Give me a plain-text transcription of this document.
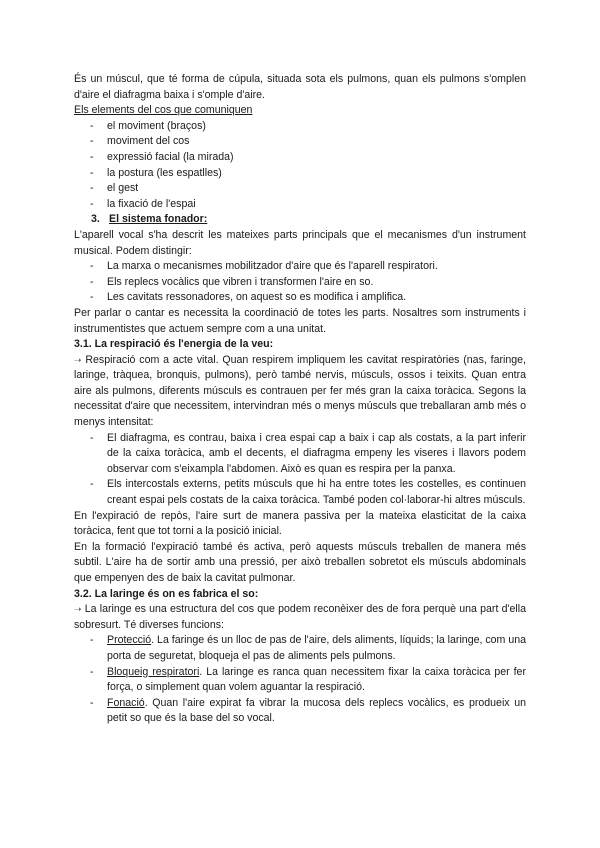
És un múscul, que té forma de cúpula, situada sota els pulmons, quan els pulmons s'omplen d'aire el diafragma baixa i s'omple d'aire.

Els elements del cos que comuniquen

- el moviment (braços)
- moviment del cos
- expressió facial (la mirada)
- la postura (les espatlles)
- el gest
- la fixació de l'espai

3. El sistema fonador:

L'aparell vocal s'ha descrit les mateixes parts principals que el mecanismes d'un instrument musical. Podem distingir:

- La marxa o mecanismes mobilitzador d'aire que és l'aparell respiratori.
- Els replecs vocàlics que vibren i transformen l'aire en so.
- Les cavitats ressonadores, on aquest so es modifica i amplifica.

Per parlar o cantar es necessita la coordinació de totes les parts. Nosaltres som instruments i instrumentistes que actuem sempre com a una unitat.

3.1. La respiració és l'energia de la veu:

➝ Respiració com a acte vital. Quan respirem impliquem les cavitat respiratòries (nas, faringe, laringe, tràquea, bronquis, pulmons), però també nervis, músculs, ossos i teixits. Quan entra aire als pulmons, diferents músculs es contrauen per fer més gran la caixa toràcica. Segons la necessitat d'aire que necessitem, intervindran més o menys músculs que treballaran amb més o menys intensitat:

- El diafragma, es contrau, baixa i crea espai cap a baix i cap als costats, a la part inferir de la caixa toràcica, amb el decents, el diafragma empeny les viseres i llavors podem observar com s'eixampla l'abdomen. Això es quan es respira per la panxa.
- Els intercostals externs, petits músculs que hi ha entre totes les costelles, es continuen creant espai pels costats de la caixa toràcica. També poden col·laborar-hi altres músculs.

En l'expiració de repòs, l'aire surt de manera passiva per la mateixa elasticitat de la caixa toràcica, fent que tot torni a la posició inicial.

En la formació l'expiració també és activa, però aquests músculs treballen de manera més subtil. L'aire ha de sortir amb una pressió, per això treballen sobretot els músculs abdominals que empenyen des de baix la cavitat pulmonar.

3.2. La laringe és on es fabrica el so:

➝ La laringe es una estructura del cos que podem reconèixer des de fora perquè una part d'ella sobresurt. Té diverses funcions:

- Protecció. La faringe és un lloc de pas de l'aire, dels aliments, líquids; la laringe, com una porta de seguretat, bloqueja el pas de aliments pels pulmons.
- Bloqueig respiratori. La laringe es ranca quan necessitem fixar la caixa toràcica per fer força, o simplement quan volem aguantar la respiració.
- Fonació. Quan l'aire expirat fa vibrar la mucosa dels replecs vocàlics, es produeix un petit so que és la base del so vocal.
